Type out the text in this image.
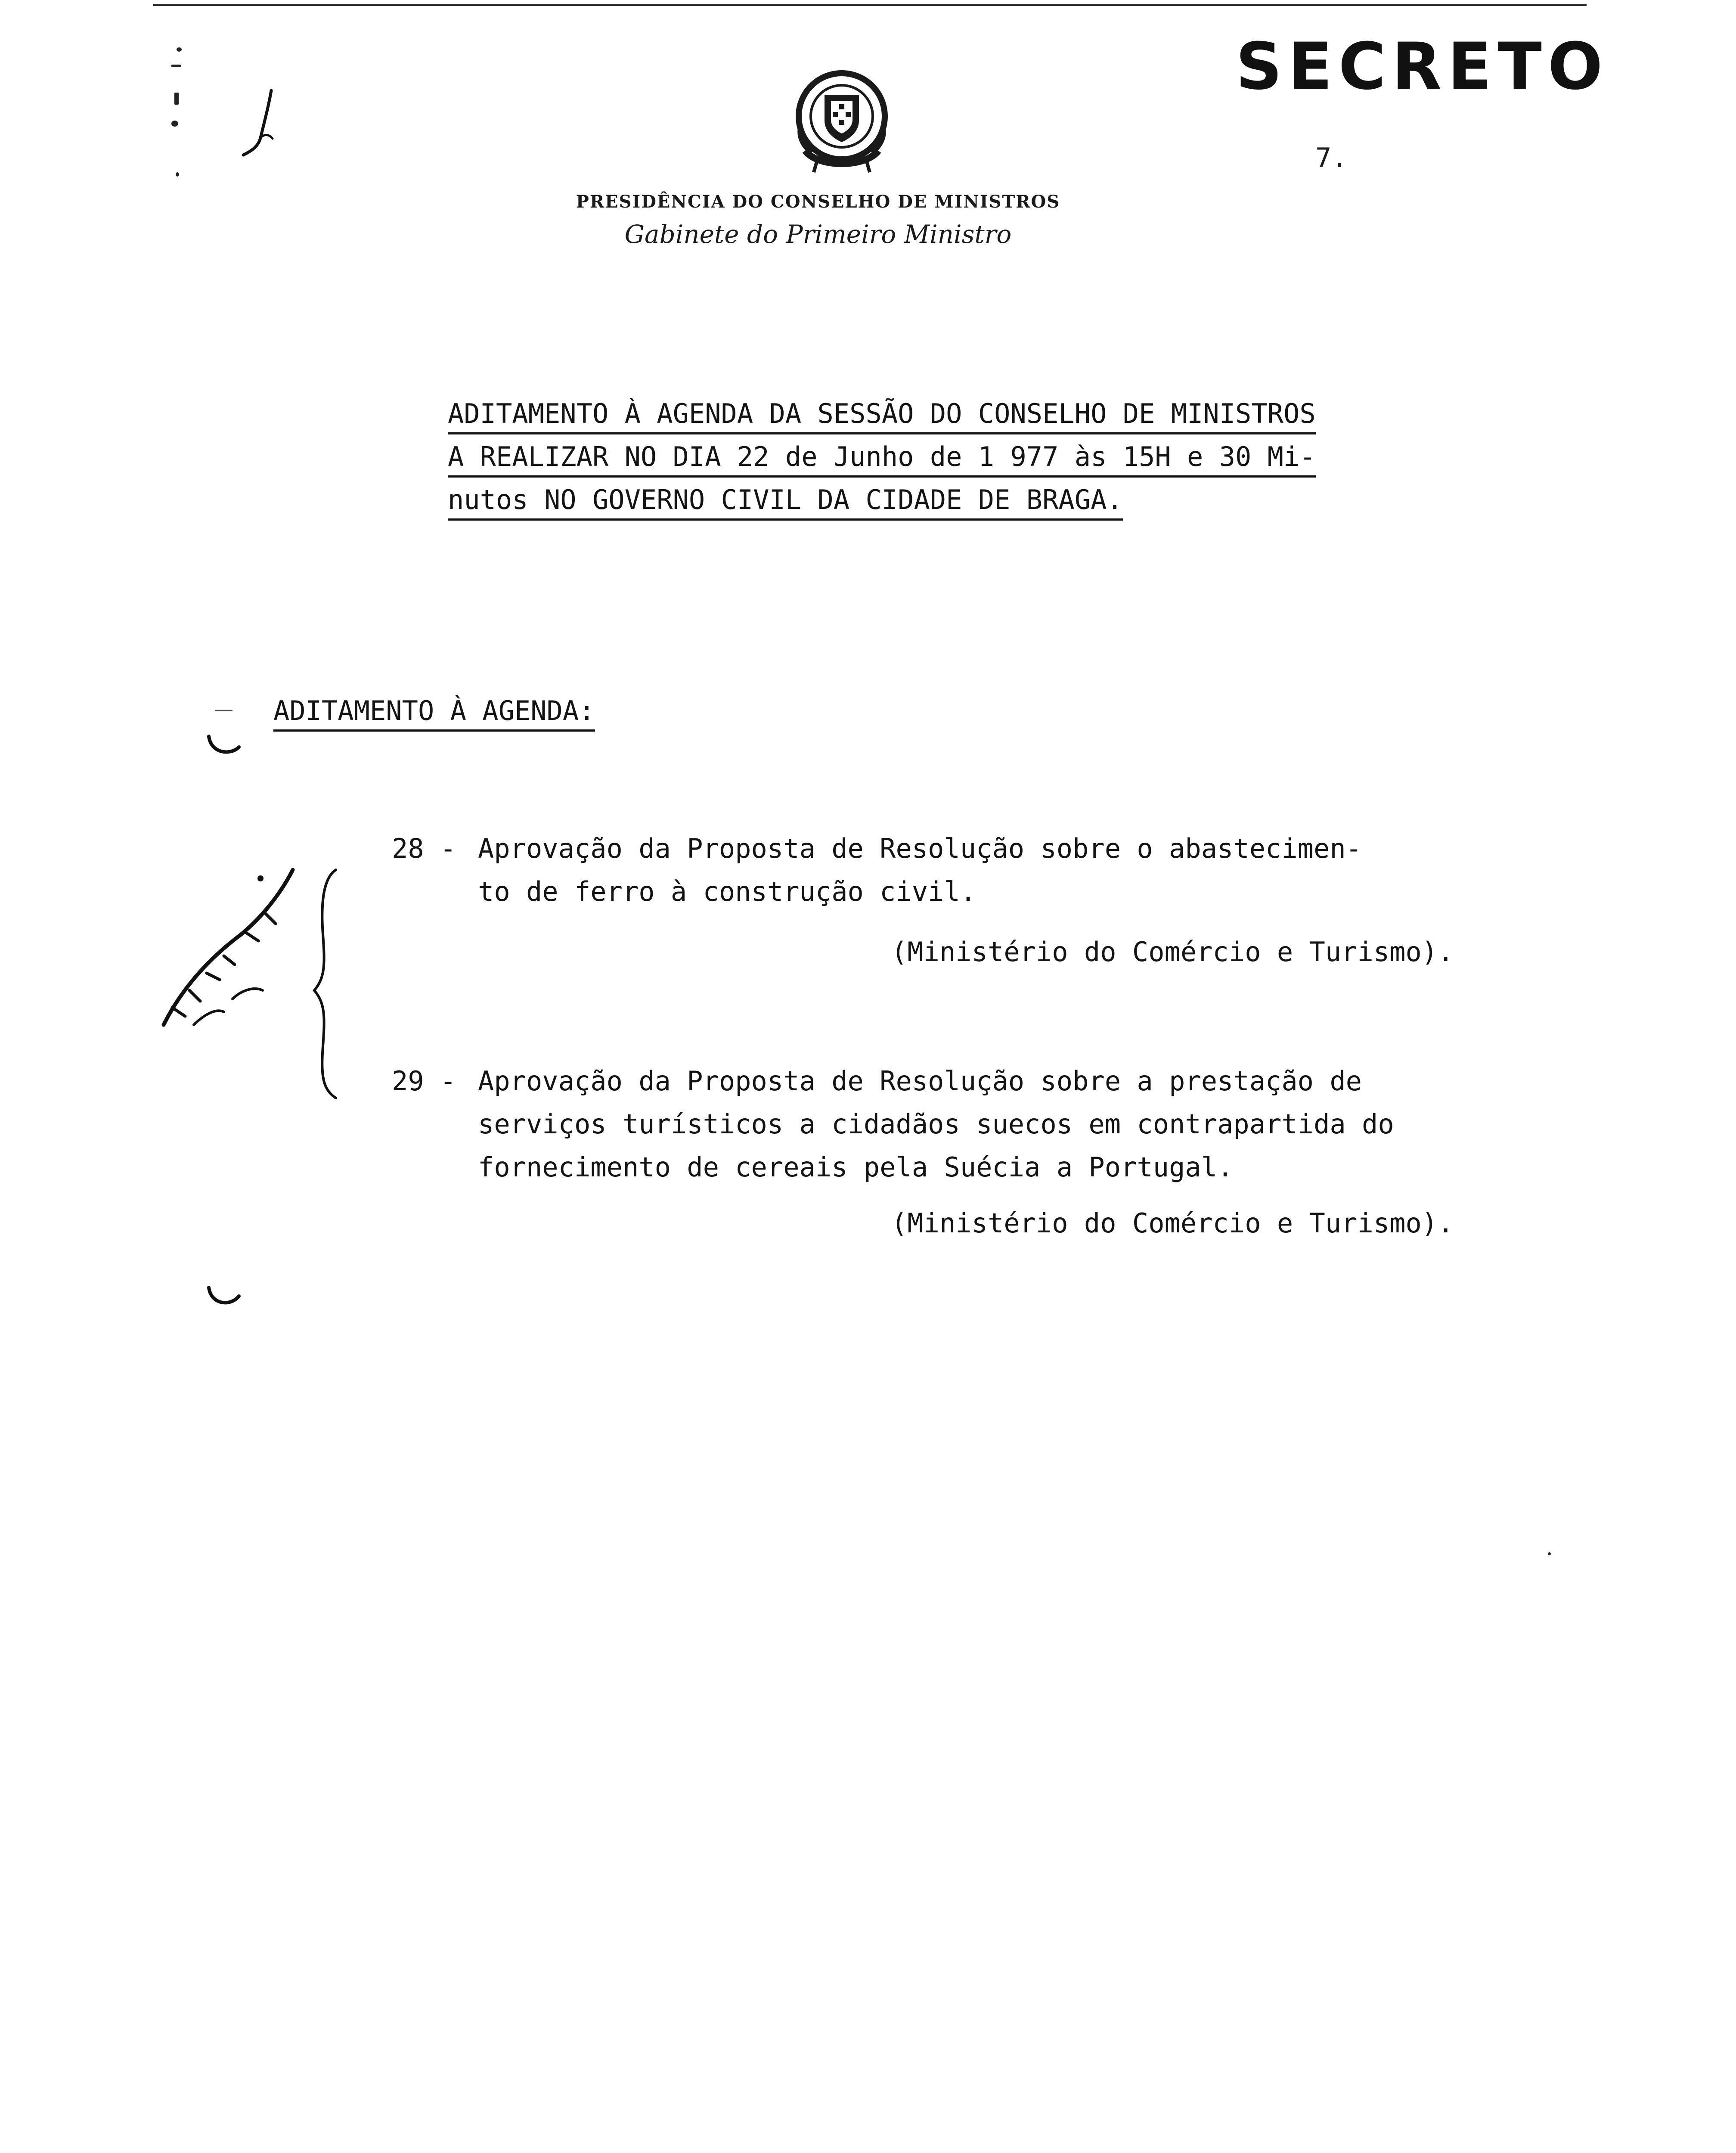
SECRETO
7.
PRESIDÊNCIA DO CONSELHO DE MINISTROS
Gabinete do Primeiro Ministro
ADITAMENTO À AGENDA DA SESSÃO DO CONSELHO DE MINISTROS
A REALIZAR NO DIA 22 de Junho de 1 977 às 15H e 30 Mi-
nutos NO GOVERNO CIVIL DA CIDADE DE BRAGA.
ADITAMENTO À AGENDA:
28 - Aprovação da Proposta de Resolução sobre o abastecimen-
to de ferro à construção civil.
(Ministério do Comércio e Turismo).
29 - Aprovação da Proposta de Resolução sobre a prestação de
serviços turísticos a cidadãos suecos em contrapartida do
fornecimento de cereais pela Suécia a Portugal.
(Ministério do Comércio e Turismo).
